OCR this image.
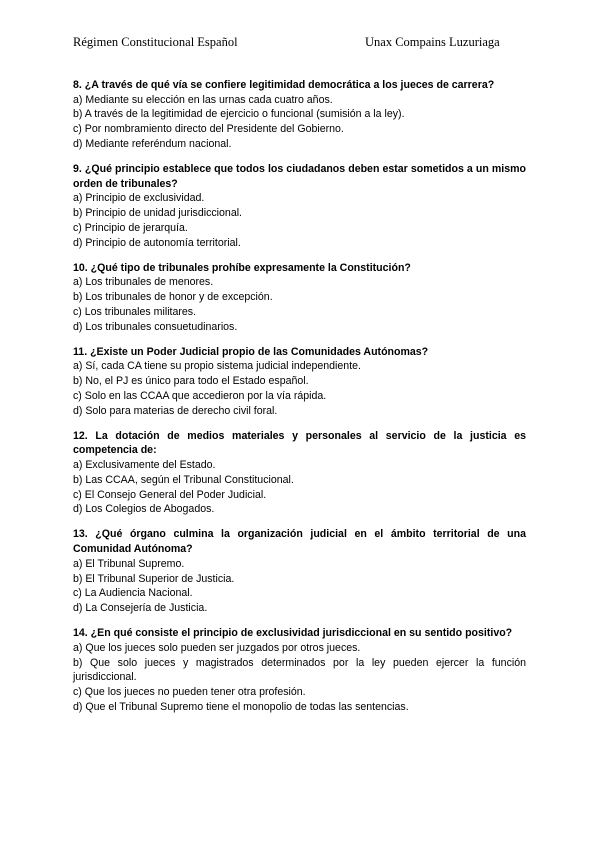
Régimen Constitucional Español	Unax Compains Luzuriaga
8. ¿A través de qué vía se confiere legitimidad democrática a los jueces de carrera?
a) Mediante su elección en las urnas cada cuatro años.
b) A través de la legitimidad de ejercicio o funcional (sumisión a la ley).
c) Por nombramiento directo del Presidente del Gobierno.
d) Mediante referéndum nacional.
9. ¿Qué principio establece que todos los ciudadanos deben estar sometidos a un mismo orden de tribunales?
a) Principio de exclusividad.
b) Principio de unidad jurisdiccional.
c) Principio de jerarquía.
d) Principio de autonomía territorial.
10. ¿Qué tipo de tribunales prohíbe expresamente la Constitución?
a) Los tribunales de menores.
b) Los tribunales de honor y de excepción.
c) Los tribunales militares.
d) Los tribunales consuetudinarios.
11. ¿Existe un Poder Judicial propio de las Comunidades Autónomas?
a) Sí, cada CA tiene su propio sistema judicial independiente.
b) No, el PJ es único para todo el Estado español.
c) Solo en las CCAA que accedieron por la vía rápida.
d) Solo para materias de derecho civil foral.
12. La dotación de medios materiales y personales al servicio de la justicia es competencia de:
a) Exclusivamente del Estado.
b) Las CCAA, según el Tribunal Constitucional.
c) El Consejo General del Poder Judicial.
d) Los Colegios de Abogados.
13. ¿Qué órgano culmina la organización judicial en el ámbito territorial de una Comunidad Autónoma?
a) El Tribunal Supremo.
b) El Tribunal Superior de Justicia.
c) La Audiencia Nacional.
d) La Consejería de Justicia.
14. ¿En qué consiste el principio de exclusividad jurisdiccional en su sentido positivo?
a) Que los jueces solo pueden ser juzgados por otros jueces.
b) Que solo jueces y magistrados determinados por la ley pueden ejercer la función jurisdiccional.
c) Que los jueces no pueden tener otra profesión.
d) Que el Tribunal Supremo tiene el monopolio de todas las sentencias.
